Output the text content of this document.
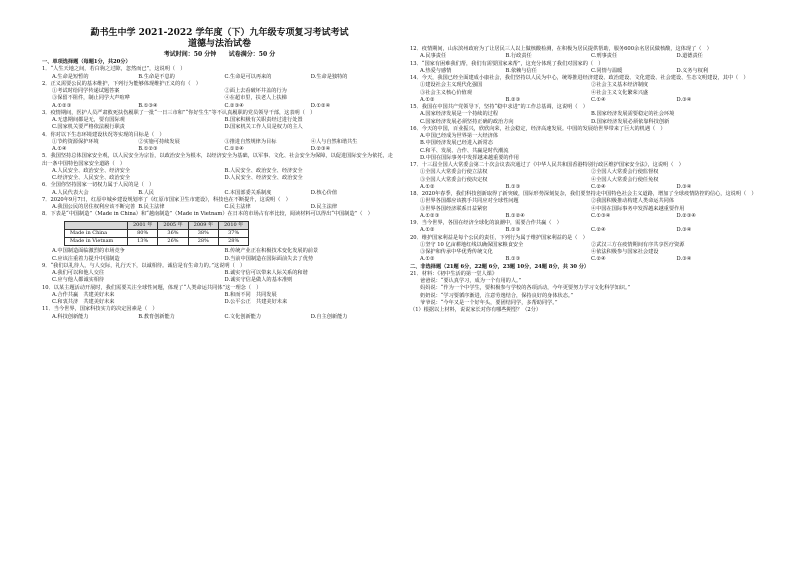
勐书生中学 2021-2022 学年度（下）九年级专项复习考试考试
道德与法治试卷
考试时间：50 分钟 试卷满分：50 分
一、单项选择题（每题1分，共20分）

1．“人生天地之间，若白驹之过隙，忽然而已”，这说明（　）

A.生命是短暂的	B.生命是不息的	C.生命是可以再来的	D.生命是独特的

2．正义需要公民的基本维护，下列行为能够体现维护正义的有（　）

①考试时给同学传递试题答案	②面上去看破坏井盖的行为
③保留不阻件，制止同学大声喧哗	④在超市里，扶老人上扶梯
A.①②③	B.①③④	C.②③④	D.①②④

3．疫情期间，医护人员严肃救死扶伤履职了一批“一日三市和”“你好生生”等不认真履职的党员领导干部，这表明（　）

A.无患期间都是无，要有国际观	B.国家积极有关职责经过进行处置
C.国家机关要严格依法履行职责	D.国家机关工作人员是权力的主人

4．你对以下生态环境建设状况等实现的目标是（　）

①节约资源保护环境	②实施可持续发展	③推进自然规律为目标	④人与自然和谐共生
A.①④	B.①②③	C.①②④	D.②③④

5．我国坚持总体国家安全观，以人民安全为宗旨，以政治安全为根本，以经济安全为基础，以军事、文化、社会安全为保障，以促进国际安全为依托，走出一条中国特色国家安全道路（　）

A.人民安全、政治安全、经济安全	B.人民安全、政治安全、经济安全
C.经济安全、人民安全、政治安全	D.人民安全、经济安全、政治安全

6．全国你坚持国家一切权力属于人民的是（　）

A.人民代表大会	B.人民	C.本国部委关系制度	D.核心价值

7．2020年9月7日，红原中城乡建设规划率了《红原市国家卫生市建设》，科技也在不断提升，这说明（　）

A.我国公民的居住权利应该不断完善 B.民主法律	C.民主法律	D.民主法律

8．下表是“中国制造”（Made in China）和“越南制造”（Made in Vietnam）在日本的市场占有率比较，阅读材料可以得出“中国制造”（　）

	2001 年	2005 年	2009 年	2010 年
Made in China	80%	36%	38%	37%
Made in Vietnam	13%	26%	28%	28%
A.中国制造面临激烈的市场竞争	B.传统产业正在积极技术变化发展的前景
C.应该注重着力提升中国制造	D.当前中国制造在国际面前失去了优势

9．“我们以礼待人，与人交际，礼行天下，以诚相待。诚信是有生命力的。”这说明（　）

A.我们可以和他人交往	B.诚实守信可以带来人际关系的和谐
C.应与他人都诚实相待	D.诚实守信是做人的基本准则

10．以某主题活动开展时，我们需要关注全球性问题，体现了“人类命运共同体”这一理念（　）

A.合作共赢　共建美好未来	B.和而不同　共同发展
C.和衷共济　共建美好未来	D.公平公正　共建美好未来

11．当今世界，国家科技实力的决定因素是（　）

A.科技创新能力	B.教育创新能力	C.文化创新能力	D.自主创新能力

12．疫情期间，山东滨州政府为了让居民三人以上做核酸检测，在积极为居民提供帮助，服务600余名居民做核酸，这体现了（　）

A.民事责任	B.行政责任	C.刑事责任	D.道德责任

13．“国家有困难我们帮，我们有需要国家来帮”，这充分体现了我们对国家的（　）

A.热爱与感情	B.依赖与信任	C.同情与温暖	D.义务与权利

14．今天，我国已经全面建成小康社会，我们坚持以人民为中心，统筹推进经济建设、政治建设、文化建设、社会建设、生态文明建设，其中（　）

①建设社会主义现代化强国	②社会主义基本经济制度
③社会主义核心价值观	④社会主义文化繁荣兴盛
A.①②	B.②③	C.①④	D.③④

15．我国在中国共产党领导下，坚持“稳中求进”的工作总基调，这说明（　）

A.国家经济发展是一个持续的过程	B.国家经济发展需要稳定的社会环境
C.国家经济发展必须坚持正确的政治方向	D.国家经济发展必须依靠科技创新

16．今天的中国，百业振兴，欣欣向荣，社会稳定，经济高速发展。中国的发展给世界带来了巨大的机遇（　）

A.中国已经成为世界第一大经济体
B.中国经济发展已经进入新常态
C.和平、发展、合作、共赢是时代潮流
D.中国在国际事务中发挥越来越重要的作用

17．十三届全国人大常委会第二十次会议表决通过了《中华人民共和国香港特别行政区维护国家安全法》，这说明（　）

①全国人大常委会行使立法权	②全国人大常委会行使监督权
③全国人大常委会行使决定权	④全国人大常委会行使任免权
A.①②	B.①③	C.②④	D.③④

18．2020年春季，我们科技创新取得了新突破，国际形势深刻复杂，我们要坚持走中国特色社会主义道路，增加了全球疫情防控的信心，这说明（　）

①世界各国都应该携手共同应对全球性问题	②我国积极推动构建人类命运共同体
③世界各国经济联系日益紧密	④中国在国际事务中发挥越来越重要作用
A.①②③	B.①②④	C.①③④	D.②③④

19．当今世界，各国在经济全球化的浪潮中，需要合作共赢（　）

A.①②	B.①③	C.②④	D.③④

20．维护国家利益是每个公民的责任，下列行为属于维护国家利益的是（　）

①坚守 10 亿亩耕地红线以确保国家粮食安全	②武汉三方在疫情期间有序共享医疗资源
③保护和传承中华优秀传统文化	④依法积极参与国家社会建设
A.①②	B.①③	C.②④	D.③④
二、非选择题（21题 6分，22题 6分，23题 10分，24题 8分，共 30 分）

21．材料：《初中生活的第一堂人课》

爸爸说：“要认真学习，成为一个有用的人。”
妈妈说：“作为一个中学生，要积极参与学校的各项活动，今年更要努力学习文化科学知识。”
奶奶说：“学习要循序渐进，注意劳逸结合，保持良好的身体状态。”
爷爷说：“今年又是一个好年头，要团结同学，多帮助同学。”

（1）根据以上材料，说说家长对你有哪些期望？（2分）
